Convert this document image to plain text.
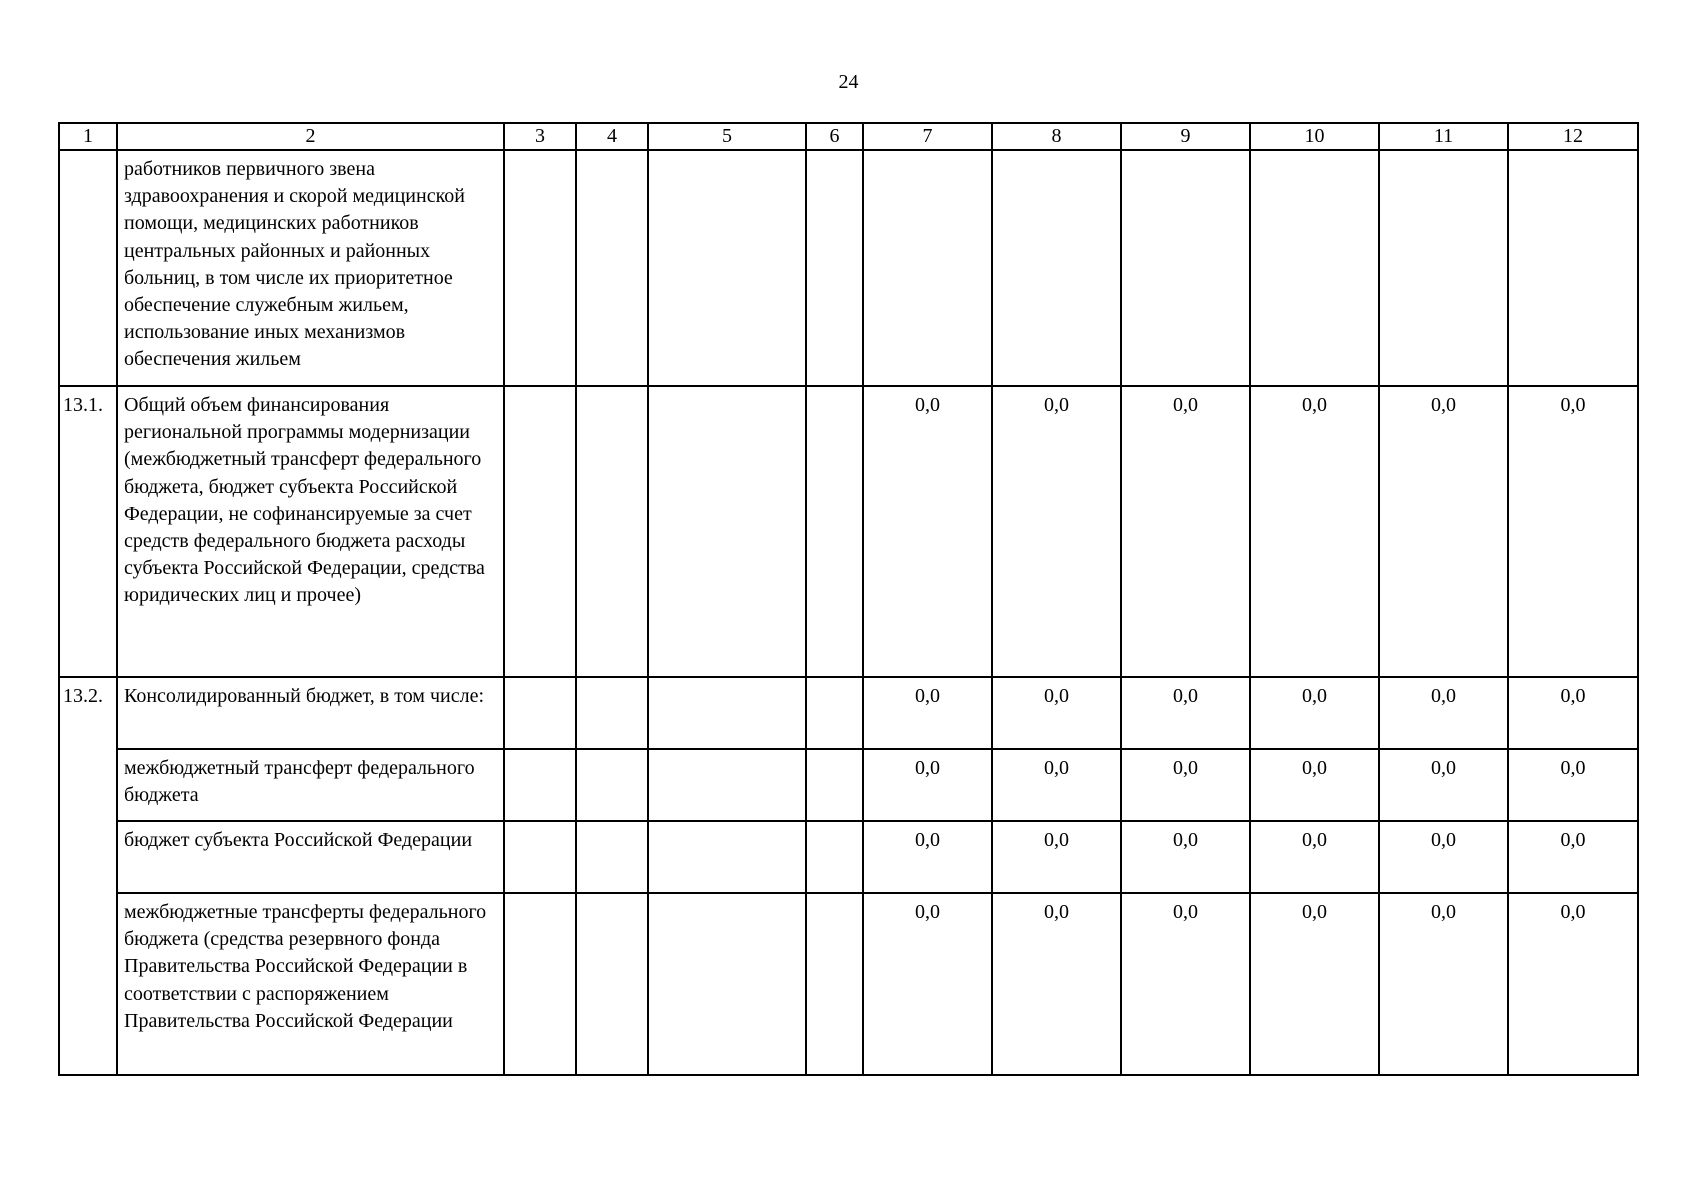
24
1	2	3	4	5	6	7	8	9	10	11	12
	работников первичного звена здравоохранения и скорой медицинской помощи, медицинских работников центральных районных и районных больниц, в том числе их приоритетное обеспечение служебным жильем, использование иных механизмов обеспечения жильем										
13.1.	Общий объем финансирования региональной программы модернизации (межбюджетный трансферт федерального бюджета, бюджет субъекта Российской Федерации, не софинансируемые за счет средств федерального бюджета расходы субъекта Российской Федерации, средства юридических лиц и прочее)					0,0	0,0	0,0	0,0	0,0	0,0
13.2.	Консолидированный бюджет, в том числе:					0,0	0,0	0,0	0,0	0,0	0,0
	межбюджетный трансферт федерального бюджета					0,0	0,0	0,0	0,0	0,0	0,0
	бюджет субъекта Российской Федерации					0,0	0,0	0,0	0,0	0,0	0,0
	межбюджетные трансферты федерального бюджета (средства резервного фонда Правительства Российской Федерации в соответствии с распоряжением Правительства Российской Федерации					0,0	0,0	0,0	0,0	0,0	0,0
